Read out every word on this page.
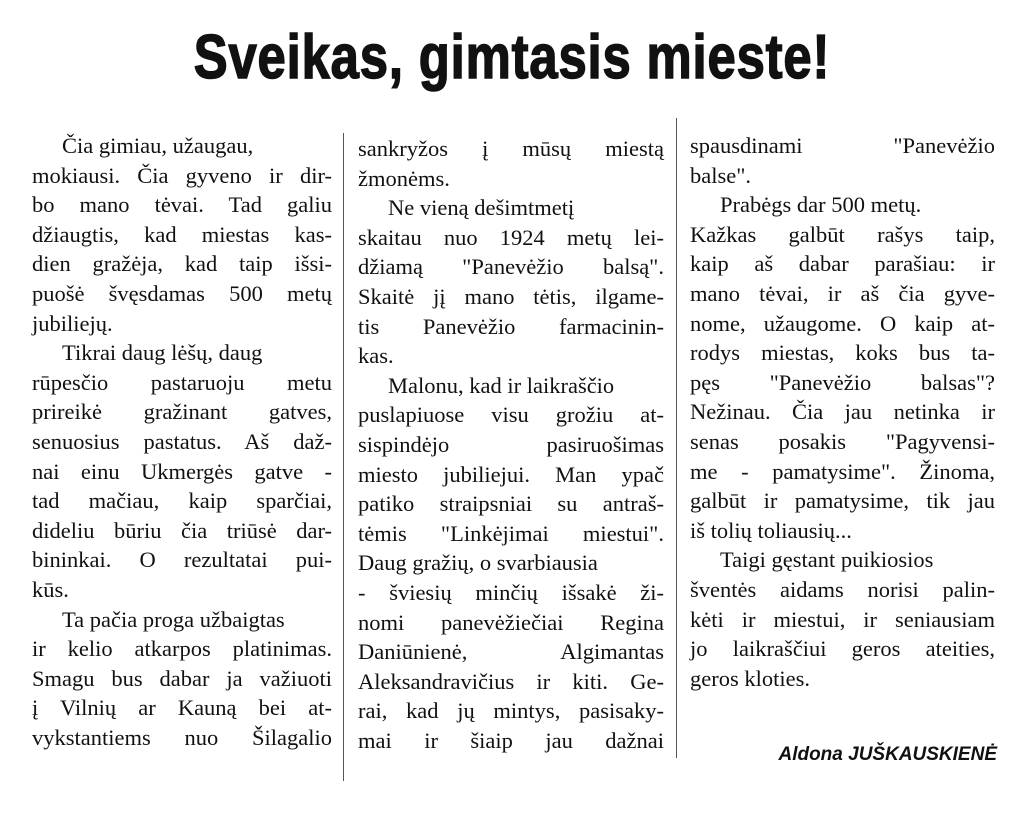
Sveikas, gimtasis mieste!
Čia gimiau, užaugau,
mokiausi. Čia gyveno ir dir-
bo mano tėvai. Tad galiu
džiaugtis, kad miestas kas-
dien gražėja, kad taip išsi-
puošė švęsdamas 500 metų
jubiliejų.
Tikrai daug lėšų, daug
rūpesčio pastaruoju metu
prireikė gražinant gatves,
senuosius pastatus. Aš daž-
nai einu Ukmergės gatve -
tad mačiau, kaip sparčiai,
dideliu būriu čia triūsė dar-
bininkai. O rezultatai pui-
kūs.
Ta pačia proga užbaigtas
ir kelio atkarpos platinimas.
Smagu bus dabar ja važiuoti
į Vilnių ar Kauną bei at-
vykstantiems nuo Šilagalio
sankryžos į mūsų miestą
žmonėms.
Ne vieną dešimtmetį
skaitau nuo 1924 metų lei-
džiamą "Panevėžio balsą".
Skaitė jį mano tėtis, ilgame-
tis Panevėžio farmacinin-
kas.
Malonu, kad ir laikraščio
puslapiuose visu grožiu at-
sispindėjo pasiruošimas
miesto jubiliejui. Man ypač
patiko straipsniai su antraš-
tėmis "Linkėjimai miestui".
Daug gražių, o svarbiausia
- šviesių minčių išsakė ži-
nomi panevėžiečiai Regina
Daniūnienė, Algimantas
Aleksandravičius ir kiti. Ge-
rai, kad jų mintys, pasisaky-
mai ir šiaip jau dažnai
spausdinami "Panevėžio
balse".
Prabėgs dar 500 metų.
Kažkas galbūt rašys taip,
kaip aš dabar parašiau: ir
mano tėvai, ir aš čia gyve-
nome, užaugome. O kaip at-
rodys miestas, koks bus ta-
pęs "Panevėžio balsas"?
Nežinau. Čia jau netinka ir
senas posakis "Pagyvensi-
me - pamatysime". Žinoma,
galbūt ir pamatysime, tik jau
iš tolių toliausių...
Taigi gęstant puikiosios
šventės aidams norisi palin-
kėti ir miestui, ir seniausiam
jo laikraščiui geros ateities,
geros kloties.
Aldona JUŠKAUSKIENĖ
